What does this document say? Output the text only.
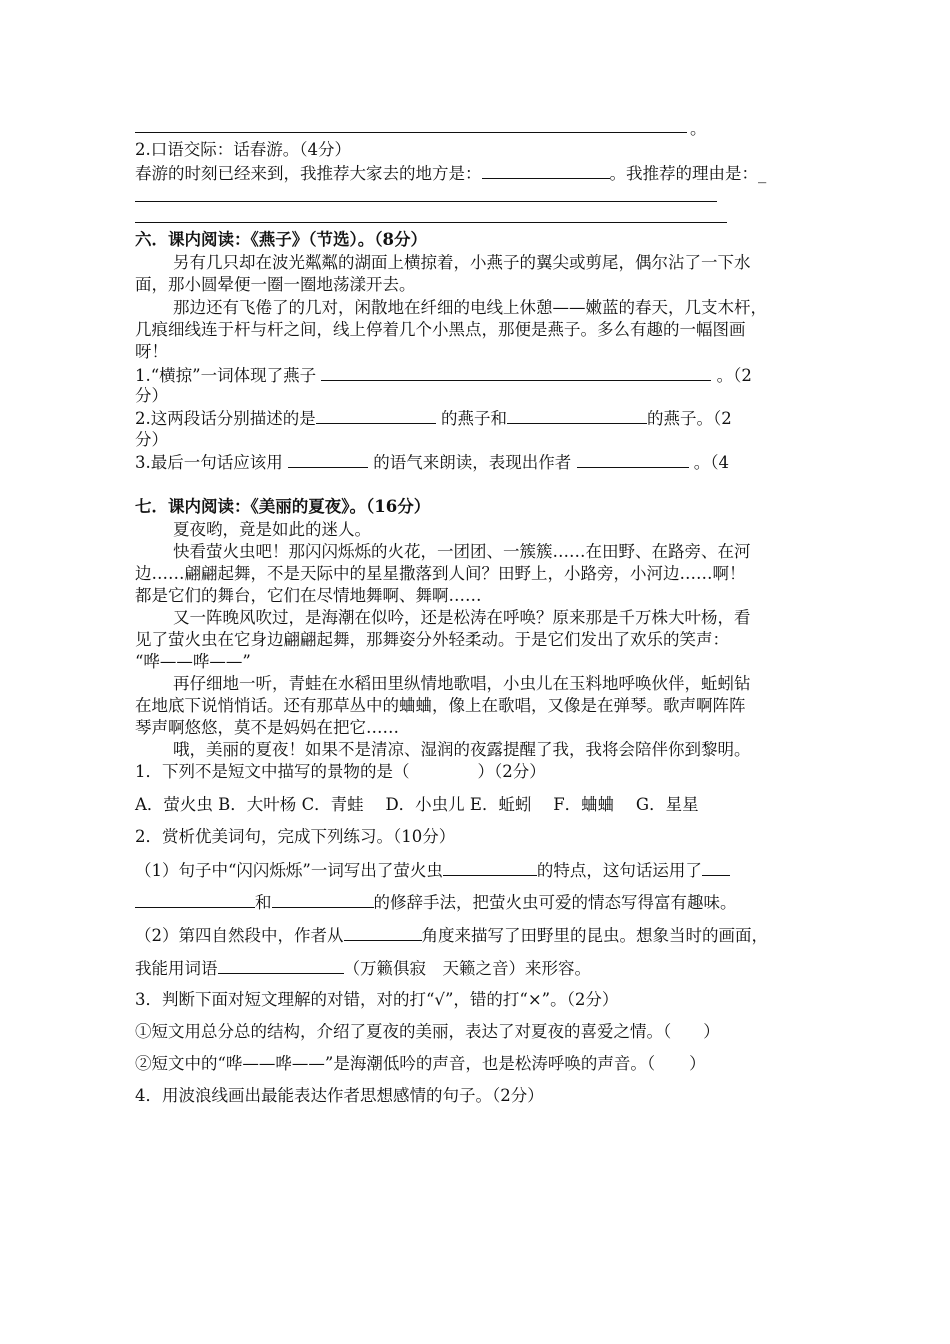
。
2.口语交际：话春游。（4分）
春游的时刻已经来到，我推荐大家去的地方是：	。我推荐的理由是：_
六．课内阅读：《燕子》（节选）。（8分）
另有几只却在波光粼粼的湖面上横掠着，小燕子的翼尖或剪尾，偶尔沾了一下水
面，那小圆晕便一圈一圈地荡漾开去。
那边还有飞倦了的几对，闲散地在纤细的电线上休憩——嫩蓝的春天，几支木杆，
几痕细线连于杆与杆之间，线上停着几个小黑点，那便是燕子。多么有趣的一幅图画
呀！
1.“横掠”一词体现了燕子	。（2
分）
2.这两段话分别描述的是	的燕子和	的燕子。（2
分）
3.最后一句话应该用	的语气来朗读，表现出作者	。（4
七．课内阅读：《美丽的夏夜》。（16分）
夏夜哟，竟是如此的迷人。
快看萤火虫吧！那闪闪烁烁的火花，一团团、一簇簇……在田野、在路旁、在河
边……翩翩起舞，不是天际中的星星撒落到人间？田野上，小路旁，小河边……啊！
都是它们的舞台，它们在尽情地舞啊、舞啊……
又一阵晚风吹过，是海潮在似吟，还是松涛在呼唤？原来那是千万株大叶杨，看
见了萤火虫在它身边翩翩起舞，那舞姿分外轻柔动。于是它们发出了欢乐的笑声：
“哗——哗——”
再仔细地一听，青蛙在水稻田里纵情地歌唱，小虫儿在玉料地呼唤伙伴，蚯蚓钻
在地底下说悄悄话。还有那草丛中的蛐蛐，像上在歌唱，又像是在弹琴。歌声啊阵阵
琴声啊悠悠，莫不是妈妈在把它……
哦，美丽的夏夜！如果不是清凉、湿润的夜露提醒了我，我将会陪伴你到黎明。
1．下列不是短文中描写的景物的是（	）（2分）
A．萤火虫 B．大叶杨 C．青蛙　 D．小虫儿 E．蚯蚓　 F．蛐蛐　 G．星星
2．赏析优美词句，完成下列练习。（10分）
（1）句子中“闪闪烁烁”一词写出了萤火虫	的特点，这句话运用了
和	的修辞手法，把萤火虫可爱的情态写得富有趣味。
（2）第四自然段中，作者从	角度来描写了田野里的昆虫。想象当时的画面，
我能用词语	（万籁俱寂　天籁之音）来形容。
3．判断下面对短文理解的对错，对的打“√”，错的打“×”。（2分）
①短文用总分总的结构，介绍了夏夜的美丽，表达了对夏夜的喜爱之情。（ ）
②短文中的“哗——哗——”是海潮低吟的声音，也是松涛呼唤的声音。（ ）
4．用波浪线画出最能表达作者思想感情的句子。（2分）
